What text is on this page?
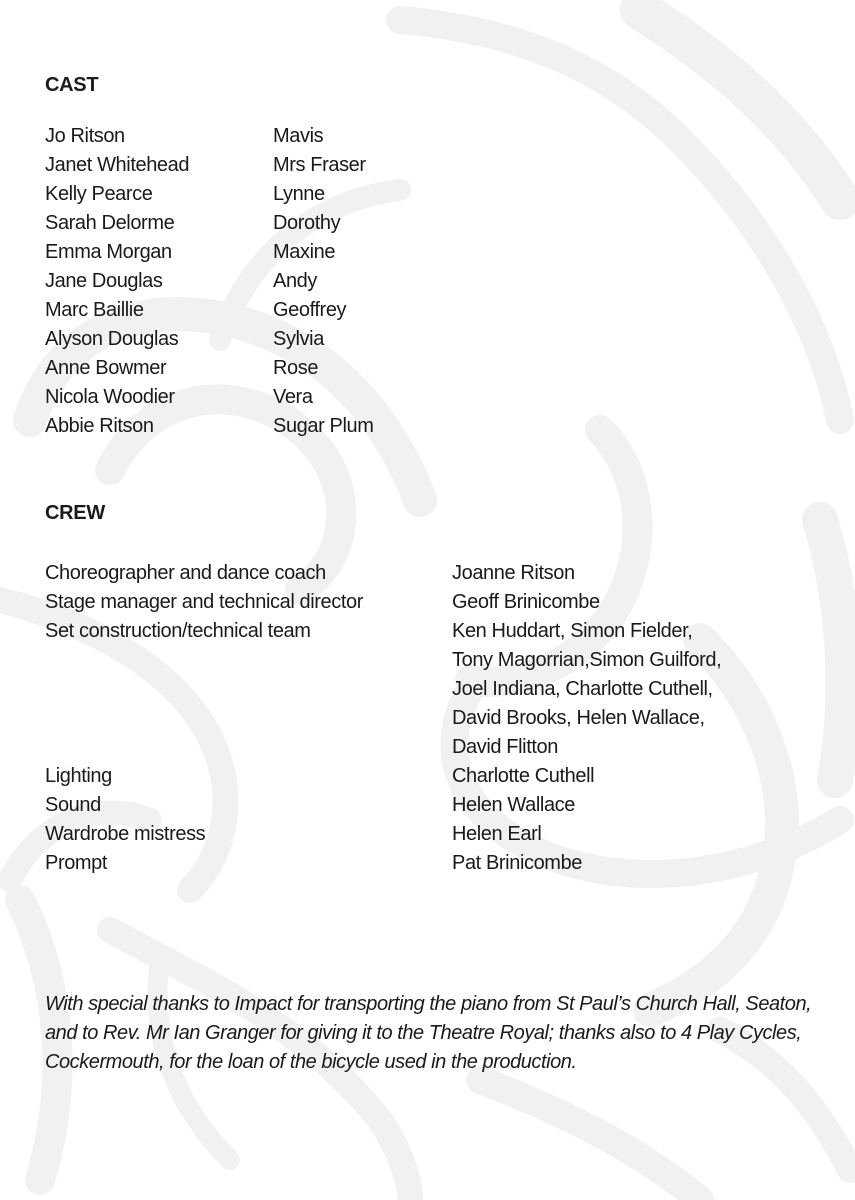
CAST
Jo Ritson	Mavis
Janet Whitehead	Mrs Fraser
Kelly Pearce	Lynne
Sarah Delorme	Dorothy
Emma Morgan	Maxine
Jane Douglas	Andy
Marc Baillie	Geoffrey
Alyson Douglas	Sylvia
Anne Bowmer	Rose
Nicola Woodier	Vera
Abbie Ritson	Sugar Plum
CREW
Choreographer and dance coach	Joanne Ritson
Stage manager and technical director	Geoff Brinicombe
Set construction/technical team	Ken Huddart, Simon Fielder,
Tony Magorrian,Simon Guilford,
Joel Indiana, Charlotte Cuthell,
David Brooks, Helen Wallace,
David Flitton
Lighting	Charlotte Cuthell
Sound	Helen Wallace
Wardrobe mistress	Helen Earl
Prompt	Pat Brinicombe

With special thanks to Impact for transporting the piano from St Paul’s Church Hall, Seaton, and to Rev. Mr Ian Granger for giving it to the Theatre Royal; thanks also to 4 Play Cycles, Cockermouth, for the loan of the bicycle used in the production.
